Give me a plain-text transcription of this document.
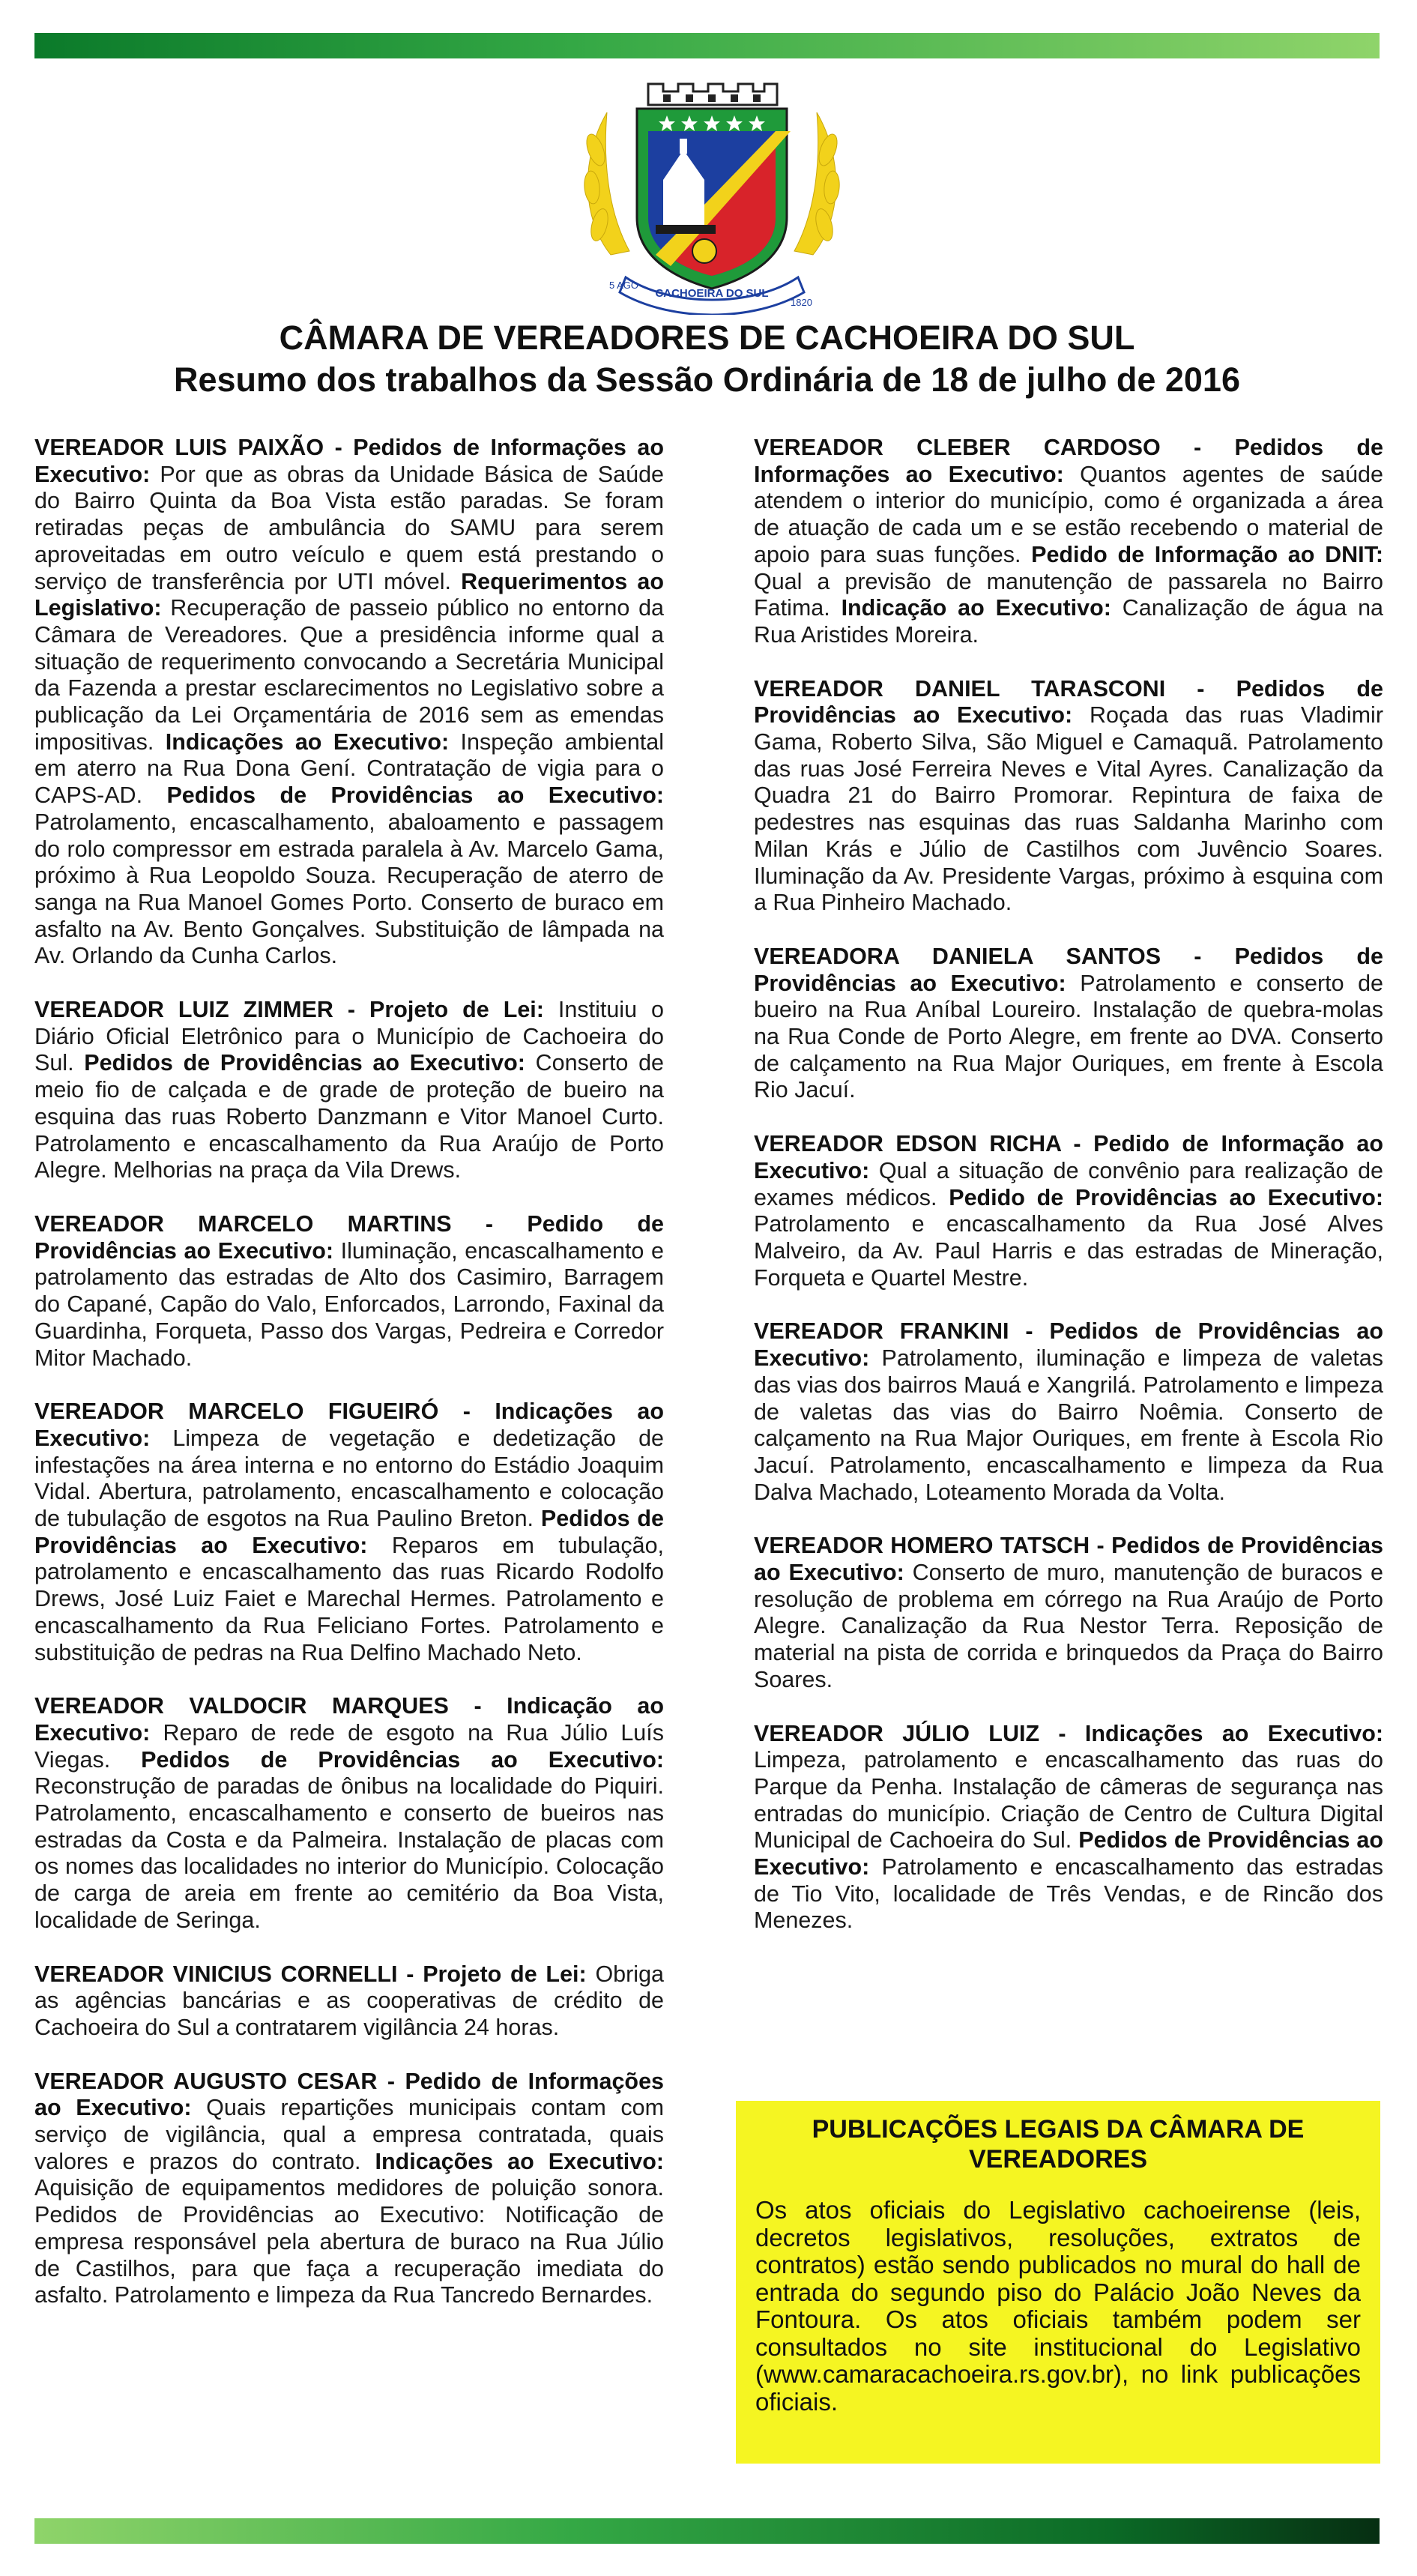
CACHOEIRA DO SUL
5 AGO
1820
CÂMARA DE VEREADORES DE CACHOEIRA DO SUL
Resumo dos trabalhos da Sessão Ordinária de 18 de julho de 2016

VEREADOR LUIS PAIXÃO - Pedidos de Informações ao Executivo: Por que as obras da Unidade Básica de Saúde do Bairro Quinta da Boa Vista estão paradas. Se foram retiradas peças de ambulância do SAMU para serem aproveitadas em outro veículo e quem está prestando o serviço de transferência por UTI móvel. Requerimentos ao Legislativo: Recuperação de passeio público no entorno da Câmara de Vereadores. Que a presidência informe qual a situação de requerimento convocando a Secretária Municipal da Fazenda a prestar esclarecimentos no Legislativo sobre a publicação da Lei Orçamentária de 2016 sem as emendas impositivas. Indicações ao Executivo: Inspeção ambiental em aterro na Rua Dona Gení. Contratação de vigia para o CAPS-AD. Pedidos de Providências ao Executivo: Patrolamento, encascalhamento, abaloamento e passagem do rolo compressor em estrada paralela à Av. Marcelo Gama, próximo à Rua Leopoldo Souza. Recuperação de aterro de sanga na Rua Manoel Gomes Porto. Conserto de buraco em asfalto na Av. Bento Gonçalves. Substituição de lâmpada na Av. Orlando da Cunha Carlos.

VEREADOR LUIZ ZIMMER - Projeto de Lei: Instituiu o Diário Oficial Eletrônico para o Município de Cachoeira do Sul. Pedidos de Providências ao Executivo: Conserto de meio fio de calçada e de grade de proteção de bueiro na esquina das ruas Roberto Danzmann e Vitor Manoel Curto. Patrolamento e encascalhamento da Rua Araújo de Porto Alegre. Melhorias na praça da Vila Drews.

VEREADOR MARCELO MARTINS - Pedido de Providências ao Executivo: Iluminação, encascalhamento e patrolamento das estradas de Alto dos Casimiro, Barragem do Capané, Capão do Valo, Enforcados, Larrondo, Faxinal da Guardinha, Forqueta, Passo dos Vargas, Pedreira e Corredor Mitor Machado.

VEREADOR MARCELO FIGUEIRÓ - Indicações ao Executivo: Limpeza de vegetação e dedetização de infestações na área interna e no entorno do Estádio Joaquim Vidal. Abertura, patrolamento, encascalhamento e colocação de tubulação de esgotos na Rua Paulino Breton. Pedidos de Providências ao Executivo: Reparos em tubulação, patrolamento e encascalhamento das ruas Ricardo Rodolfo Drews, José Luiz Faiet e Marechal Hermes. Patrolamento e encascalhamento da Rua Feliciano Fortes. Patrolamento e substituição de pedras na Rua Delfino Machado Neto.

VEREADOR VALDOCIR MARQUES - Indicação ao Executivo: Reparo de rede de esgoto na Rua Júlio Luís Viegas. Pedidos de Providências ao Executivo: Reconstrução de paradas de ônibus na localidade do Piquiri. Patrolamento, encascalhamento e conserto de bueiros nas estradas da Costa e da Palmeira. Instalação de placas com os nomes das localidades no interior do Município. Colocação de carga de areia em frente ao cemitério da Boa Vista, localidade de Seringa.

VEREADOR VINICIUS CORNELLI - Projeto de Lei: Obriga as agências bancárias e as cooperativas de crédito de Cachoeira do Sul a contratarem vigilância 24 horas.

VEREADOR AUGUSTO CESAR - Pedido de Informações ao Executivo: Quais repartições municipais contam com serviço de vigilância, qual a empresa contratada, quais valores e prazos do contrato. Indicações ao Executivo: Aquisição de equipamentos medidores de poluição sonora. Pedidos de Providências ao Executivo: Notificação de empresa responsável pela abertura de buraco na Rua Júlio de Castilhos, para que faça a recuperação imediata do asfalto. Patrolamento e limpeza da Rua Tancredo Bernardes.

VEREADOR CLEBER CARDOSO - Pedidos de Informações ao Executivo: Quantos agentes de saúde atendem o interior do município, como é organizada a área de atuação de cada um e se estão recebendo o material de apoio para suas funções. Pedido de Informação ao DNIT: Qual a previsão de manutenção de passarela no Bairro Fatima. Indicação ao Executivo: Canalização de água na Rua Aristides Moreira.

VEREADOR DANIEL TARASCONI - Pedidos de Providências ao Executivo: Roçada das ruas Vladimir Gama, Roberto Silva, São Miguel e Camaquã. Patrolamento das ruas José Ferreira Neves e Vital Ayres. Canalização da Quadra 21 do Bairro Promorar. Repintura de faixa de pedestres nas esquinas das ruas Saldanha Marinho com Milan Krás e Júlio de Castilhos com Juvêncio Soares. Iluminação da Av. Presidente Vargas, próximo à esquina com a Rua Pinheiro Machado.

VEREADORA DANIELA SANTOS - Pedidos de Providências ao Executivo: Patrolamento e conserto de bueiro na Rua Aníbal Loureiro. Instalação de quebra-molas na Rua Conde de Porto Alegre, em frente ao DVA. Conserto de calçamento na Rua Major Ouriques, em frente à Escola Rio Jacuí.

VEREADOR EDSON RICHA - Pedido de Informação ao Executivo: Qual a situação de convênio para realização de exames médicos. Pedido de Providências ao Executivo: Patrolamento e encascalhamento da Rua José Alves Malveiro, da Av. Paul Harris e das estradas de Mineração, Forqueta e Quartel Mestre.

VEREADOR FRANKINI - Pedidos de Providências ao Executivo: Patrolamento, iluminação e limpeza de valetas das vias dos bairros Mauá e Xangrilá. Patrolamento e limpeza de valetas das vias do Bairro Noêmia. Conserto de calçamento na Rua Major Ouriques, em frente à Escola Rio Jacuí. Patrolamento, encascalhamento e limpeza da Rua Dalva Machado, Loteamento Morada da Volta.

VEREADOR HOMERO TATSCH - Pedidos de Providências ao Executivo: Conserto de muro, manutenção de buracos e resolução de problema em córrego na Rua Araújo de Porto Alegre. Canalização da Rua Nestor Terra. Reposição de material na pista de corrida e brinquedos da Praça do Bairro Soares.

VEREADOR JÚLIO LUIZ - Indicações ao Executivo: Limpeza, patrolamento e encascalhamento das ruas do Parque da Penha. Instalação de câmeras de segurança nas entradas do município. Criação de Centro de Cultura Digital Municipal de Cachoeira do Sul. Pedidos de Providências ao Executivo: Patrolamento e encascalhamento das estradas de Tio Vito, localidade de Três Vendas, e de Rincão dos Menezes.

PUBLICAÇÕES LEGAIS DA CÂMARA DE VEREADORES
Os atos oficiais do Legislativo cachoeirense (leis, decretos legislativos, resoluções, extratos de contratos) estão sendo publicados no mural do hall de entrada do segundo piso do Palácio João Neves da Fontoura. Os atos oficiais também podem ser consultados no site institucional do Legislativo (www.camaracachoeira.rs.gov.br), no link publicações oficiais.
